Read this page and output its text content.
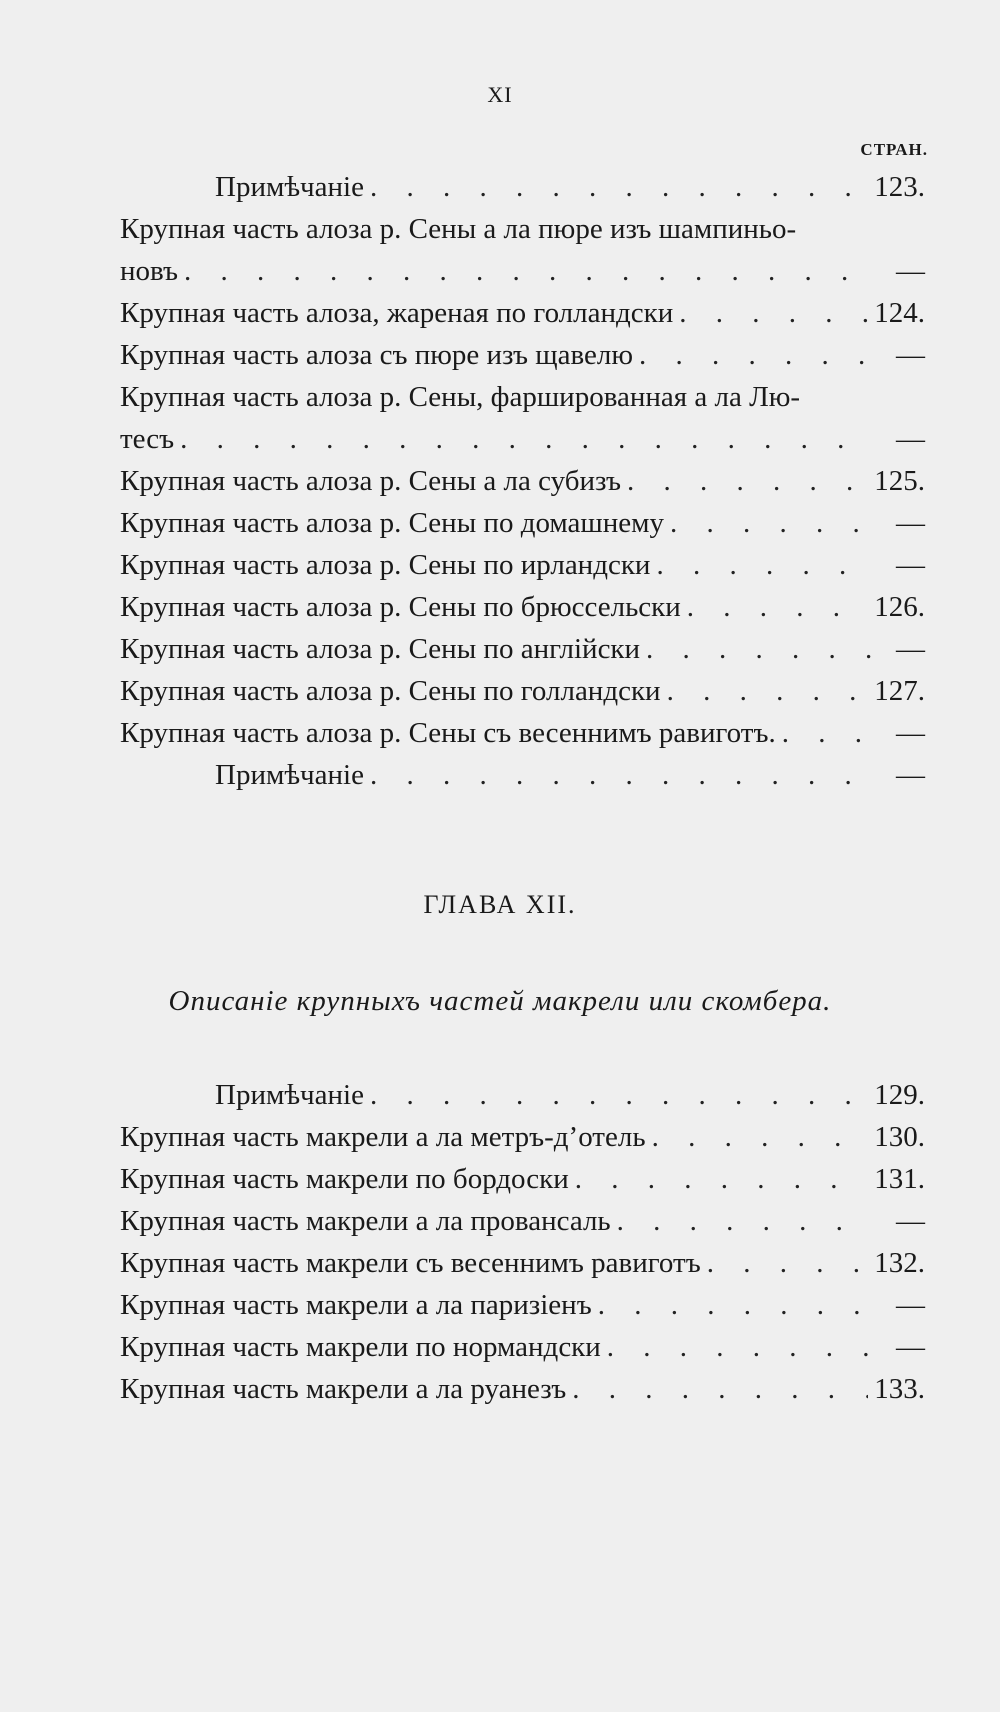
XI
СТРАН.
Примѣчаніе . . .	123.
Крупная часть алоза р. Сены а ла пюре изъ шампиньо-
новъ . . .	—
Крупная часть алоза, жареная по голландски . . .	124.
Крупная часть алоза съ пюре изъ щавелю . . .	—
Крупная часть алоза р. Сены, фаршированная а ла Лю-
тесъ . . .	—
Крупная часть алоза р. Сены а ла субизъ . . .	125.
Крупная часть алоза р. Сены по домашнему . . .	—
Крупная часть алоза р. Сены по ирландски . . .	—
Крупная часть алоза р. Сены по брюссельски . . .	126.
Крупная часть алоза р. Сены по англійски . . .	—
Крупная часть алоза р. Сены по голландски . . .	127.
Крупная часть алоза р. Сены съ весеннимъ равиготъ. . . .	—
Примѣчаніе . . .	—
ГЛАВА XII.
Описаніе крупныхъ частей макрели или скомбера.
Примѣчаніе . . .	129.
Крупная часть макрели а ла метръ-д’отель . . .	130.
Крупная часть макрели по бордоски . . .	131.
Крупная часть макрели а ла провансаль . . .	—
Крупная часть макрели съ весеннимъ равиготъ . . .	132.
Крупная часть макрели а ла паризіенъ . . .	—
Крупная часть макрели по нормандски . . .	—
Крупная часть макрели а ла руанезъ . . .	133.
